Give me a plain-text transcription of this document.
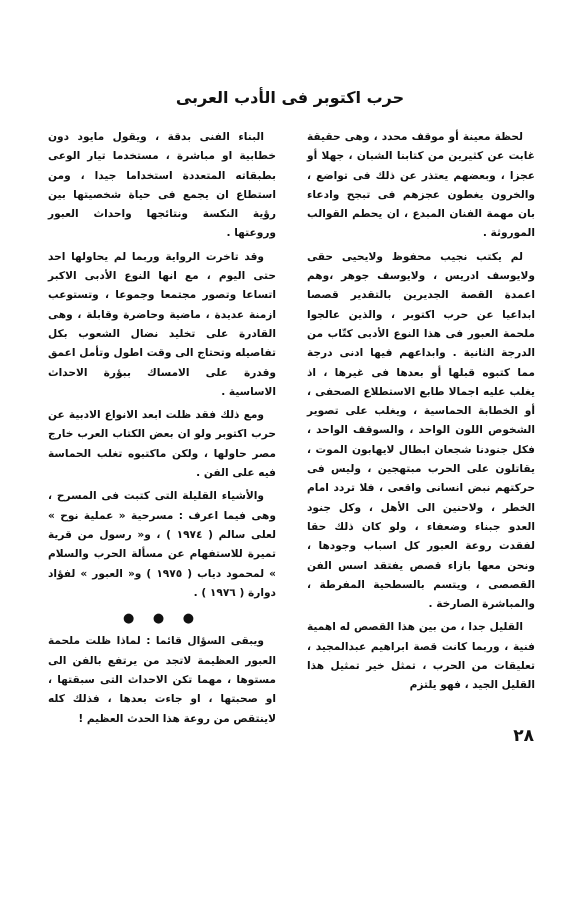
حرب اكتوبر فى الأدب العربى

لحظة معينة أو موقف محدد ، وهى حقيقة غابت عن كثيرين من كتابنا الشبان ، جهلا أو عجزا ، وبعضهم يعتذر عن ذلك فى تواضع ، والخرون يغطون عجزهم فى تبجح وادعاء بان مهمة الفنان المبدع ، ان يحطم القوالب الموروثة .

لم يكتب نجيب محفوظ ولايحيى حقى ولايوسف ادريس ، ولايوسف جوهر ،وهم اعمدة القصة الجديرين بالتقدير قصصا ابداعيا عن حرب اكتوبر ، والذين عالجوا ملحمة العبور فى هذا النوع الأدبى كتّاب من الدرجة الثانية . وابداعهم فيها ادنى درجة مما كتبوه قبلها أو بعدها فى غيرها ، اذ يغلب عليه اجمالا طابع الاستطلاع الصحفى ، أو الخطابة الحماسية ، ويغلب على تصوير الشخوص اللون الواحد ، والسوقف الواحد ، فكل جنودنا شجعان ابطال لايهابون الموت ، يقاتلون على الحرب مبتهجين ، وليس فى حركتهم نبض انسانى واقعى ، فلا تردد امام الخطر ، ولاحنين الى الأهل ، وكل جنود العدو جبناء وضعفاء ، ولو كان ذلك حقا لفقدت روعة العبور كل اسباب وجودها ، ونحن معها بازاء قصص يفتقد اسس الفن القصصى ، ويتسم بالسطحية المفرطة ، والمباشرة الصارخة .

القليل جدا ، من بين هذا القصص له اهمية فنية ، وربما كانت قصة ابراهيم عبدالمجيد ، تعليقات من الحرب ، تمثل خير تمثيل هذا القليل الجيد ، فهو يلتزم

البناء الفنى بدقة ، ويقول مايود دون خطابية او مباشرة ، مستخدما تيار الوعى بطبقاته المتعددة استخداما جيدا ، ومن استطاع ان يجمع فى حياة شخصيتها بين رؤية النكسة ونتائجها واحداث العبور وروعتها .

وقد تاخرت الرواية وربما لم يحاولها احد حتى اليوم ، مع انها النوع الأدبى الاكبر اتساعا وتصور مجتمعا وجموعا ، وتستوعب ازمنة عديدة ، ماضية وحاضرة وقابلة ، وهى القادرة على تخليد نضال الشعوب بكل تفاصيله وتحتاج الى وقت اطول وتأمل اعمق وقدرة على الامساك ببؤرة الاحداث الاساسية .

ومع ذلك فقد ظلت ابعد الانواع الادبية عن حرب اكتوبر ولو ان بعض الكتاب العرب خارج مصر حاولها ، ولكن ماكتبوه تغلب الحماسة فيه على الفن .

والأشياء القليلة التى كتبت فى المسرح ، وهى فيما اعرف : مسرحية « عملية نوح » لعلى سالم ( ١٩٧٤ ) ، و« رسول من قرية تميرة للاستفهام عن مسألة الحرب والسلام » لمحمود دياب ( ١٩٧٥ ) و« العبور » لفؤاد دوارة ( ١٩٧٦ ) .

● ● ●

ويبقى السؤال قائما : لماذا ظلت ملحمة العبور العظيمة لاتجد من يرتفع بالفن الى مستوها ، مهما تكن الاحداث التى سبقتها ، او صحبتها ، او جاءت بعدها ، فذلك كله لاينتقص من روعة هذا الحدث العظيم !

٢٨
